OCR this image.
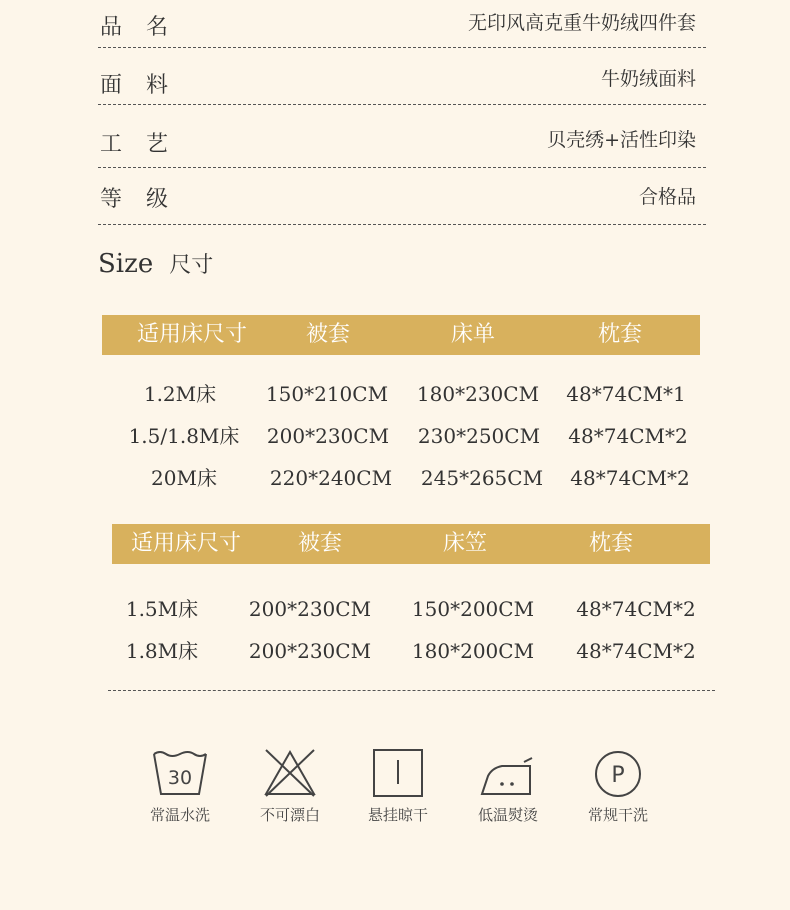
品名	无印风高克重牛奶绒四件套
面料	牛奶绒面料
工艺	贝壳绣+活性印染
等级	合格品
Size 尺寸
适用床尺寸	被套	床单	枕套
1.2M床	150*210CM	180*230CM	48*74CM*1
1.5/1.8M床	200*230CM	230*250CM	48*74CM*2
20M床	220*240CM	245*265CM	48*74CM*2
适用床尺寸	被套	床笠	枕套
1.5M床	200*230CM	150*200CM	48*74CM*2
1.8M床	200*230CM	180*200CM	48*74CM*2
30
常温水洗	不可漂白	悬挂晾干	低温熨烫
P
常规干洗
